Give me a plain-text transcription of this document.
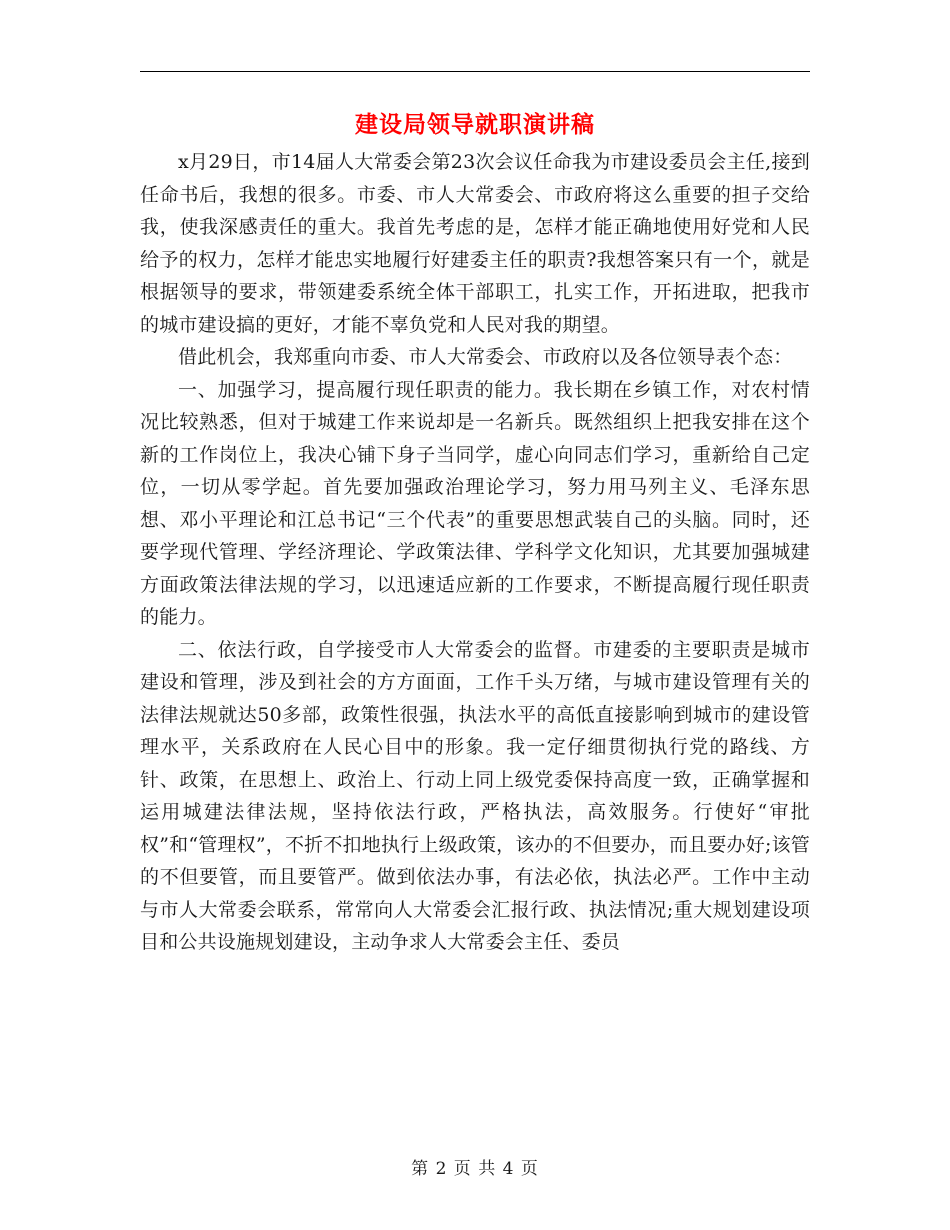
建设局领导就职演讲稿

x月29日，市14届人大常委会第23次会议任命我为市建设委员会主任,接到任命书后，我想的很多。市委、市人大常委会、市政府将这么重要的担子交给我，使我深感责任的重大。我首先考虑的是，怎样才能正确地使用好党和人民给予的权力，怎样才能忠实地履行好建委主任的职责?我想答案只有一个，就是根据领导的要求，带领建委系统全体干部职工，扎实工作，开拓进取，把我市的城市建设搞的更好，才能不辜负党和人民对我的期望。

借此机会，我郑重向市委、市人大常委会、市政府以及各位领导表个态：

一、加强学习，提高履行现任职责的能力。我长期在乡镇工作，对农村情况比较熟悉，但对于城建工作来说却是一名新兵。既然组织上把我安排在这个新的工作岗位上，我决心铺下身子当同学，虚心向同志们学习，重新给自己定位，一切从零学起。首先要加强政治理论学习，努力用马列主义、毛泽东思想、邓小平理论和江总书记“三个代表”的重要思想武装自己的头脑。同时，还要学现代管理、学经济理论、学政策法律、学科学文化知识，尤其要加强城建方面政策法律法规的学习，以迅速适应新的工作要求，不断提高履行现任职责的能力。

二、依法行政，自学接受市人大常委会的监督。市建委的主要职责是城市建设和管理，涉及到社会的方方面面，工作千头万绪，与城市建设管理有关的法律法规就达50多部，政策性很强，执法水平的高低直接影响到城市的建设管理水平，关系政府在人民心目中的形象。我一定仔细贯彻执行党的路线、方针、政策，在思想上、政治上、行动上同上级党委保持高度一致，正确掌握和运用城建法律法规，坚持依法行政，严格执法，高效服务。行使好“审批权”和“管理权”，不折不扣地执行上级政策，该办的不但要办，而且要办好;该管的不但要管，而且要管严。做到依法办事，有法必依，执法必严。工作中主动与市人大常委会联系，常常向人大常委会汇报行政、执法情况;重大规划建设项目和公共设施规划建设，主动争求人大常委会主任、委员

第 2 页 共 4 页
